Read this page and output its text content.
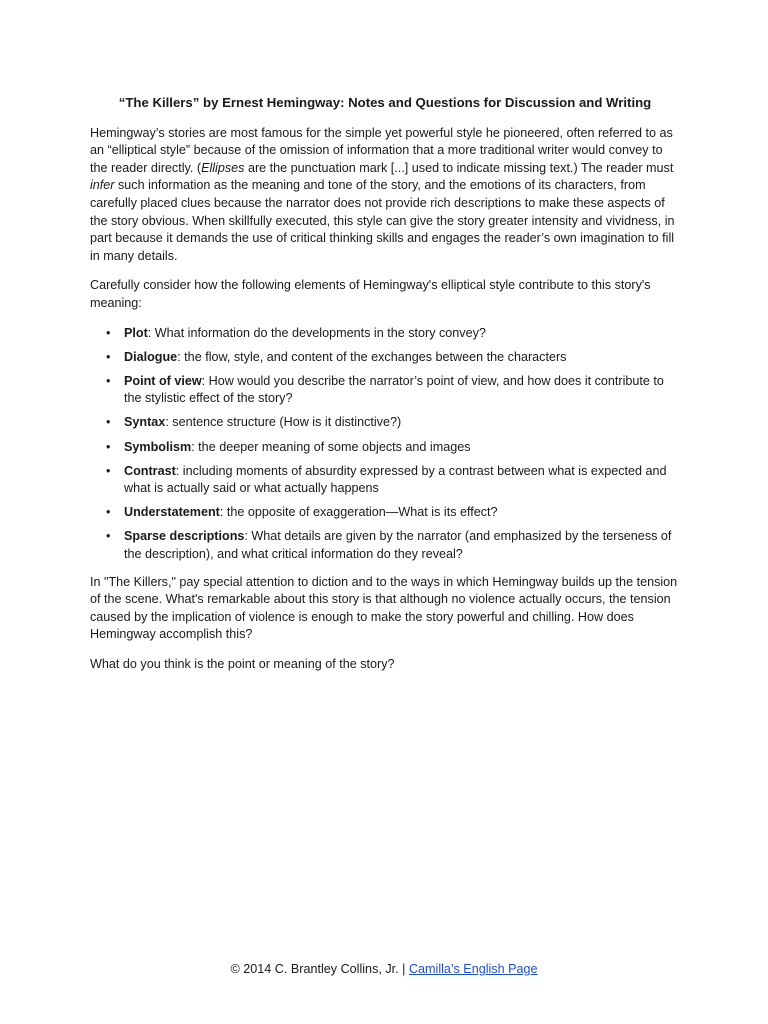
“The Killers” by Ernest Hemingway: Notes and Questions for Discussion and Writing

Hemingway’s stories are most famous for the simple yet powerful style he pioneered, often referred to as an “elliptical style” because of the omission of information that a more traditional writer would convey to the reader directly. (Ellipses are the punctuation mark [...] used to indicate missing text.) The reader must infer such information as the meaning and tone of the story, and the emotions of its characters, from carefully placed clues because the narrator does not provide rich descriptions to make these aspects of the story obvious. When skillfully executed, this style can give the story greater intensity and vividness, in part because it demands the use of critical thinking skills and engages the reader’s own imagination to fill in many details.

Carefully consider how the following elements of Hemingway's elliptical style contribute to this story's meaning:

• Plot: What information do the developments in the story convey?
• Dialogue: the flow, style, and content of the exchanges between the characters
• Point of view: How would you describe the narrator’s point of view, and how does it contribute to the stylistic effect of the story?
• Syntax: sentence structure (How is it distinctive?)
• Symbolism: the deeper meaning of some objects and images
• Contrast: including moments of absurdity expressed by a contrast between what is expected and what is actually said or what actually happens
• Understatement: the opposite of exaggeration—What is its effect?
• Sparse descriptions: What details are given by the narrator (and emphasized by the terseness of the description), and what critical information do they reveal?

In "The Killers," pay special attention to diction and to the ways in which Hemingway builds up the tension of the scene. What's remarkable about this story is that although no violence actually occurs, the tension caused by the implication of violence is enough to make the story powerful and chilling. How does Hemingway accomplish this?

What do you think is the point or meaning of the story?

© 2014 C. Brantley Collins, Jr. | Camilla’s English Page
